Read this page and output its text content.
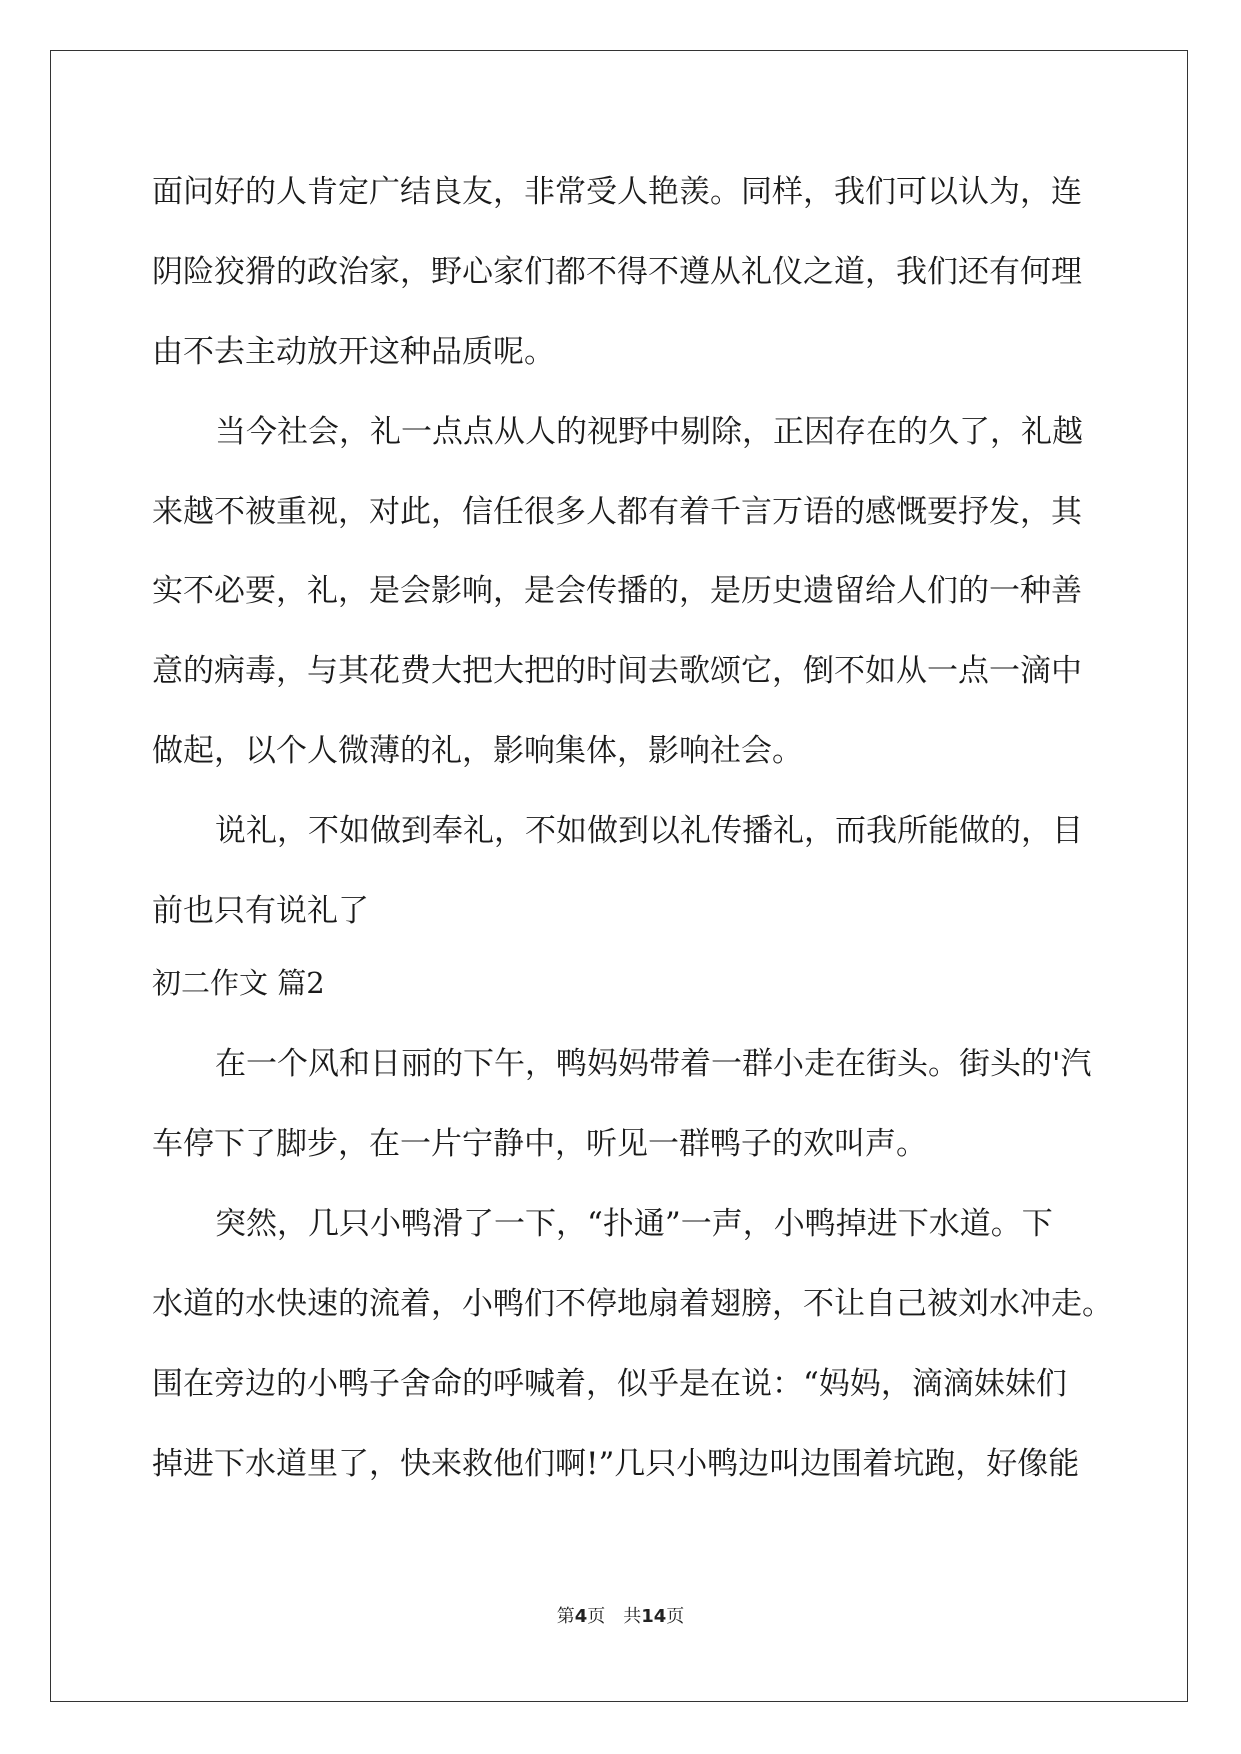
面问好的人肯定广结良友，非常受人艳羡。同样，我们可以认为，连
阴险狡猾的政治家，野心家们都不得不遵从礼仪之道，我们还有何理
由不去主动放开这种品质呢。
当今社会，礼一点点从人的视野中剔除，正因存在的久了，礼越
来越不被重视，对此，信任很多人都有着千言万语的感慨要抒发，其
实不必要，礼，是会影响，是会传播的，是历史遗留给人们的一种善
意的病毒，与其花费大把大把的时间去歌颂它，倒不如从一点一滴中
做起，以个人微薄的礼，影响集体，影响社会。
说礼，不如做到奉礼，不如做到以礼传播礼，而我所能做的，目
前也只有说礼了
初二作文 篇2
在一个风和日丽的下午，鸭妈妈带着一群小走在街头。街头的'汽
车停下了脚步，在一片宁静中，听见一群鸭子的欢叫声。
突然，几只小鸭滑了一下，“扑通”一声，小鸭掉进下水道。下
水道的水快速的流着，小鸭们不停地扇着翅膀，不让自己被刘水冲走。
围在旁边的小鸭子舍命的呼喊着，似乎是在说：“妈妈，滴滴妹妹们
掉进下水道里了，快来救他们啊!”几只小鸭边叫边围着坑跑，好像能
第4页　共14页
